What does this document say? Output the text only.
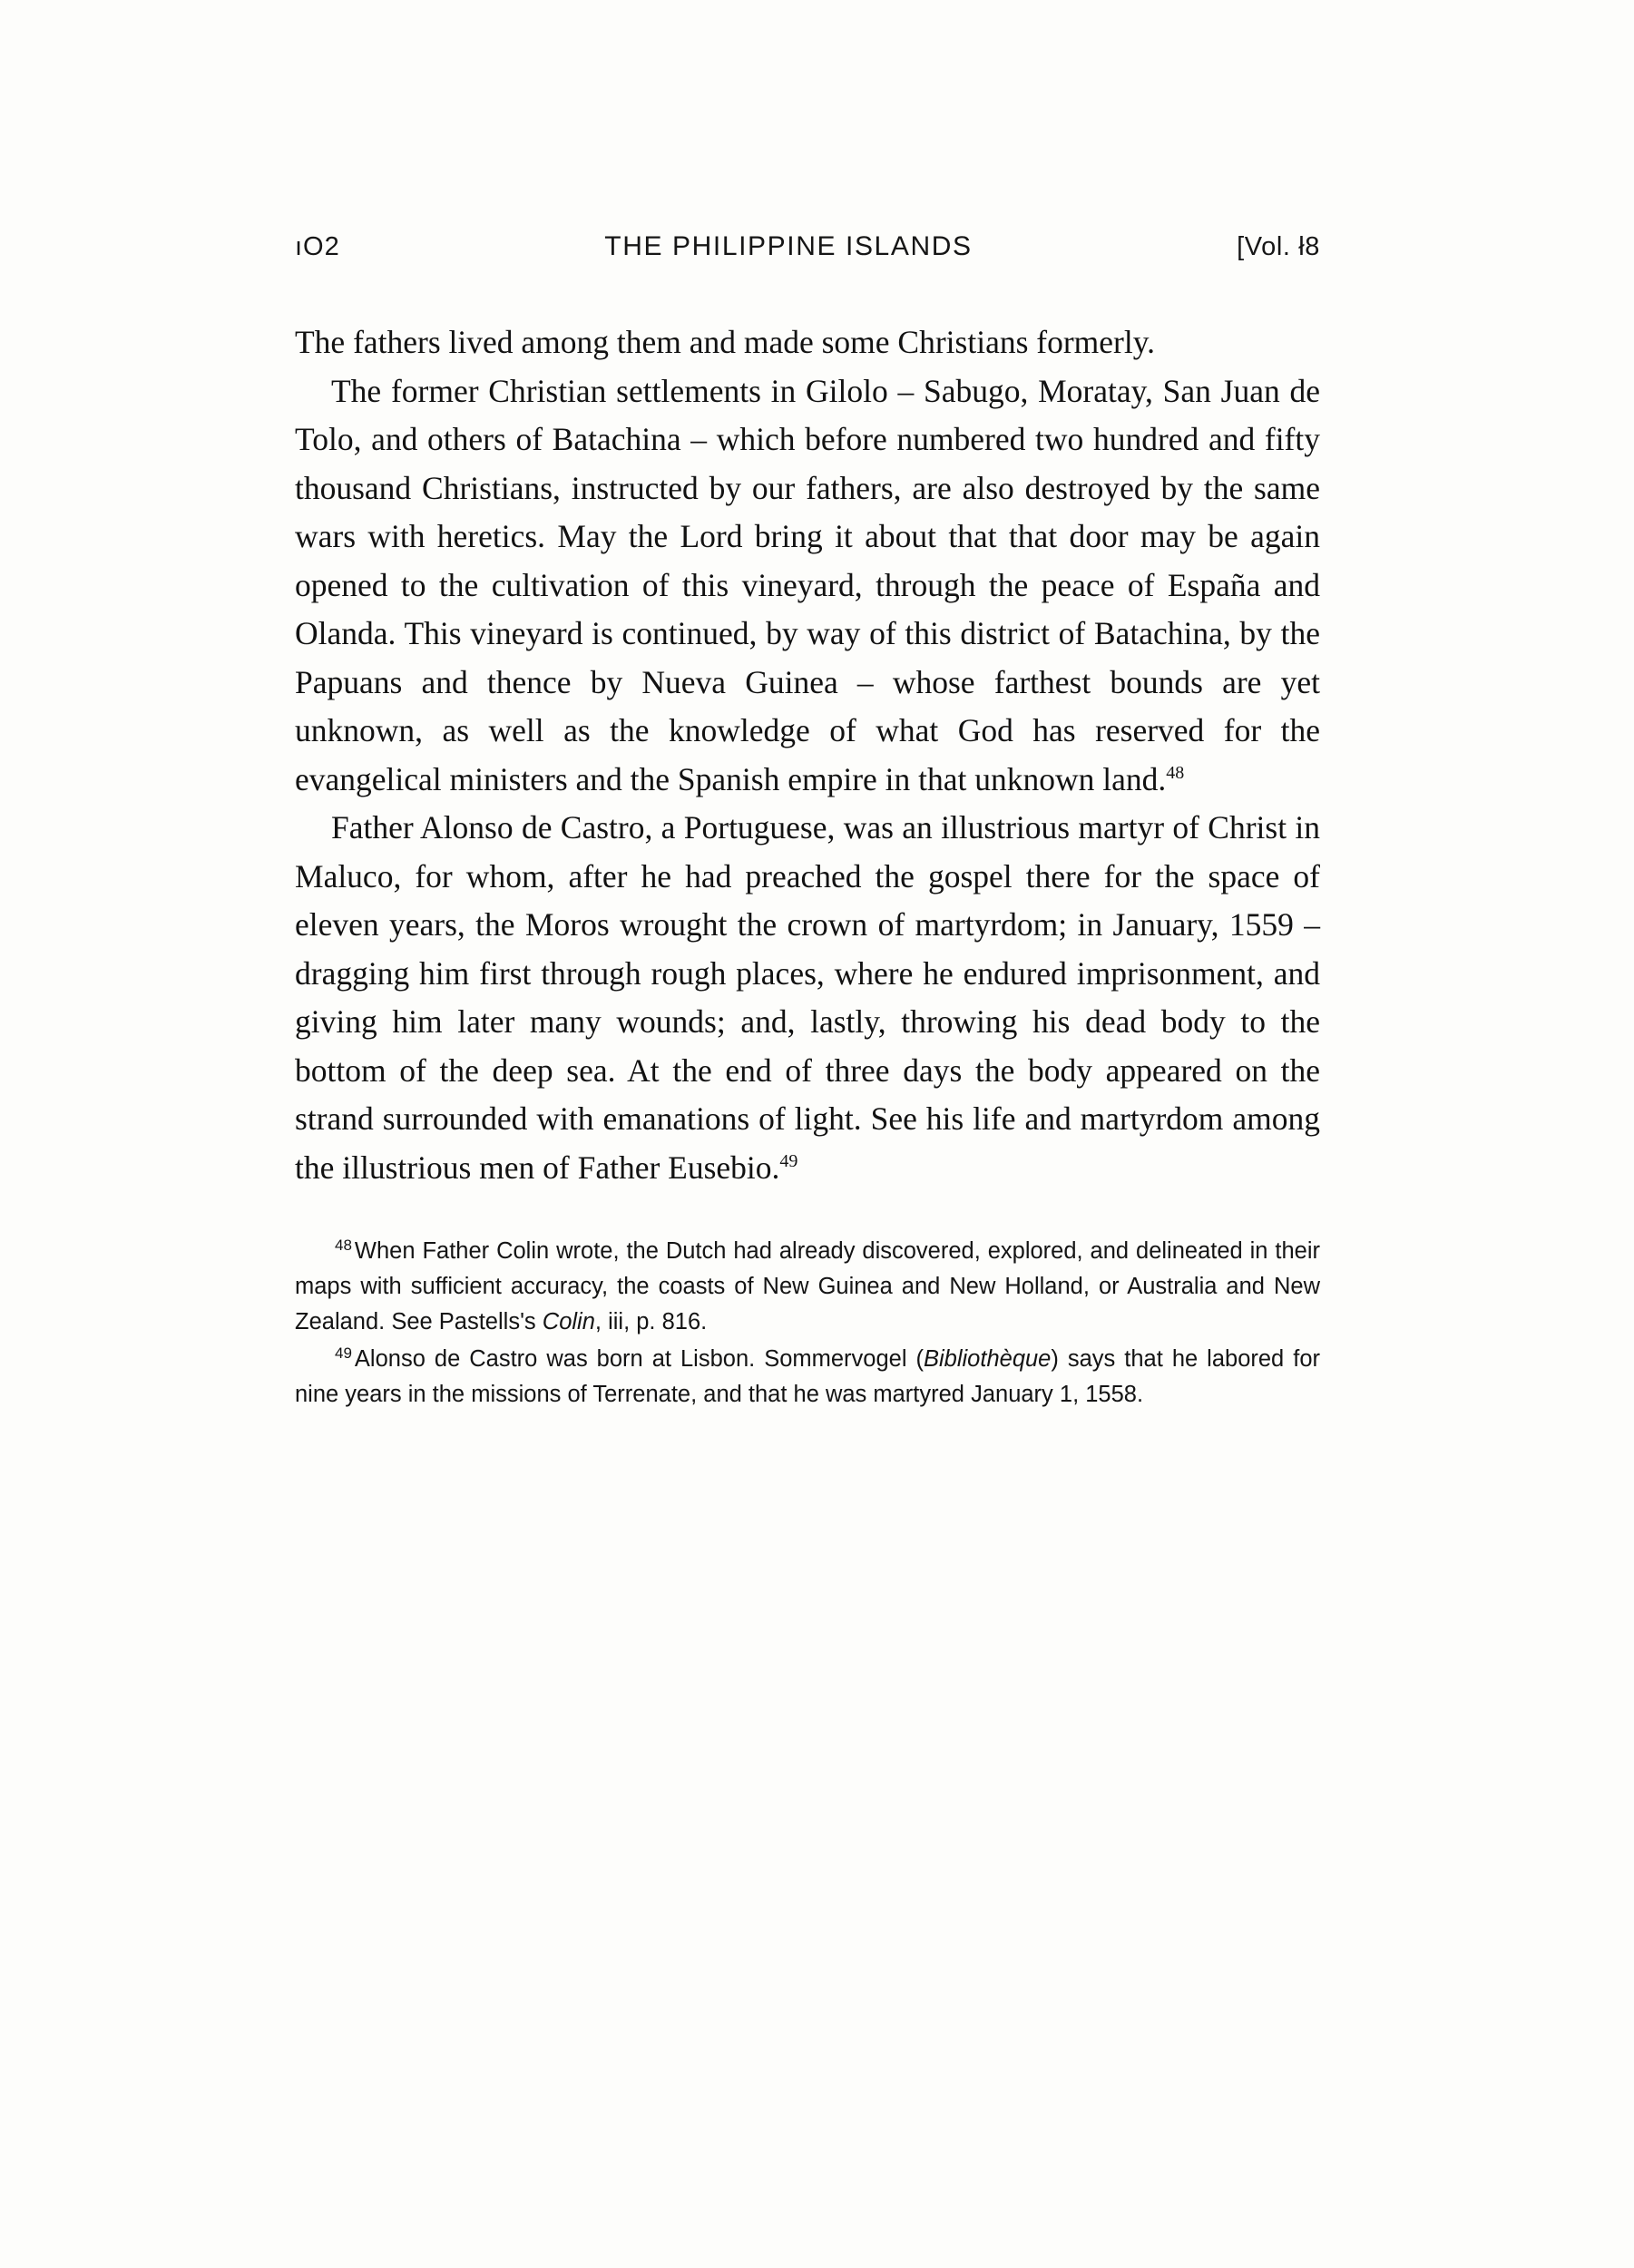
ıO2	THE PHILIPPINE ISLANDS	[Vol. ł8

The fathers lived among them and made some Christians formerly.

The former Christian settlements in Gilolo – Sabugo, Moratay, San Juan de Tolo, and others of Batachina – which before numbered two hundred and fifty thousand Christians, instructed by our fathers, are also destroyed by the same wars with heretics. May the Lord bring it about that that door may be again opened to the cultivation of this vineyard, through the peace of España and Olanda. This vineyard is continued, by way of this district of Batachina, by the Papuans and thence by Nueva Guinea – whose farthest bounds are yet unknown, as well as the knowledge of what God has reserved for the evangelical ministers and the Spanish empire in that unknown land.$^{48}$

Father Alonso de Castro, a Portuguese, was an illustrious martyr of Christ in Maluco, for whom, after he had preached the gospel there for the space of eleven years, the Moros wrought the crown of martyrdom; in January, 1559 – dragging him first through rough places, where he endured imprisonment, and giving him later many wounds; and, lastly, throwing his dead body to the bottom of the deep sea. At the end of three days the body appeared on the strand surrounded with emanations of light. See his life and martyrdom among the illustrious men of Father Eusebio.$^{49}$

$^{48}$ When Father Colin wrote, the Dutch had already discovered, explored, and delineated in their maps with sufficient accuracy, the coasts of New Guinea and New Holland, or Australia and New Zealand. See Pastells's Colin, iii, p. 816.

$^{49}$ Alonso de Castro was born at Lisbon. Sommervogel (Bibliothèque) says that he labored for nine years in the missions of Terrenate, and that he was martyred January 1, 1558.
